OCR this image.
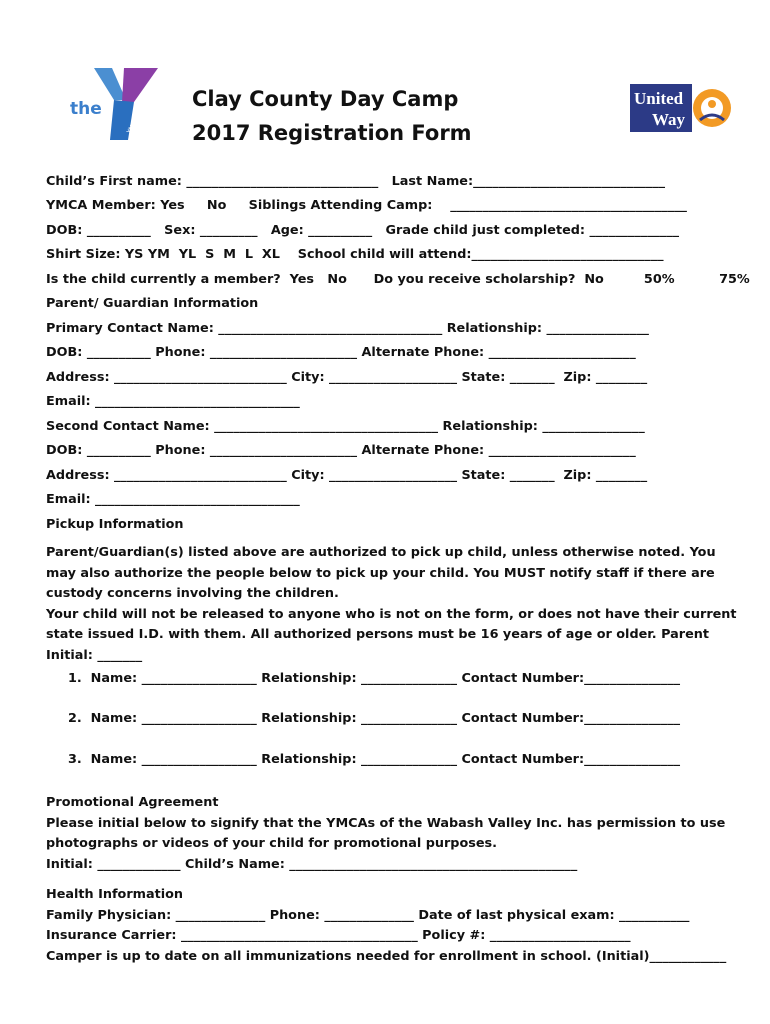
the
YMCA
Clay County Day Camp
2017 Registration Form
United
Way
Child’s First name: ______________________________   Last Name:______________________________
YMCA Member: Yes     No     Siblings Attending Camp:    _____________________________________
DOB: __________   Sex: _________   Age: __________   Grade child just completed: ______________
Shirt Size: YS YM  YL  S  M  L  XL    School child will attend:______________________________
Is the child currently a member?  Yes   No      Do you receive scholarship?  No         50%          75%
Parent/ Guardian Information
Primary Contact Name: ___________________________________ Relationship: ________________
DOB: __________ Phone: _______________________ Alternate Phone: _______________________
Address: ___________________________ City: ____________________ State: _______  Zip: ________
Email: ________________________________
Second Contact Name: ___________________________________ Relationship: ________________
DOB: __________ Phone: _______________________ Alternate Phone: _______________________
Address: ___________________________ City: ____________________ State: _______  Zip: ________
Email: ________________________________
Pickup Information
Parent/Guardian(s) listed above are authorized to pick up child, unless otherwise noted. You
may also authorize the people below to pick up your child. You MUST notify staff if there are
custody concerns involving the children.
Your child will not be released to anyone who is not on the form, or does not have their current
state issued I.D. with them. All authorized persons must be 16 years of age or older. Parent
Initial: _______
1.  Name: __________________ Relationship: _______________ Contact Number:_______________
2.  Name: __________________ Relationship: _______________ Contact Number:_______________
3.  Name: __________________ Relationship: _______________ Contact Number:_______________
Promotional Agreement
Please initial below to signify that the YMCAs of the Wabash Valley Inc. has permission to use
photographs or videos of your child for promotional purposes.
Initial: _____________ Child’s Name: _____________________________________________
Health Information
Family Physician: ______________ Phone: ______________ Date of last physical exam: ___________
Insurance Carrier: _____________________________________ Policy #: ______________________
Camper is up to date on all immunizations needed for enrollment in school. (Initial)____________
